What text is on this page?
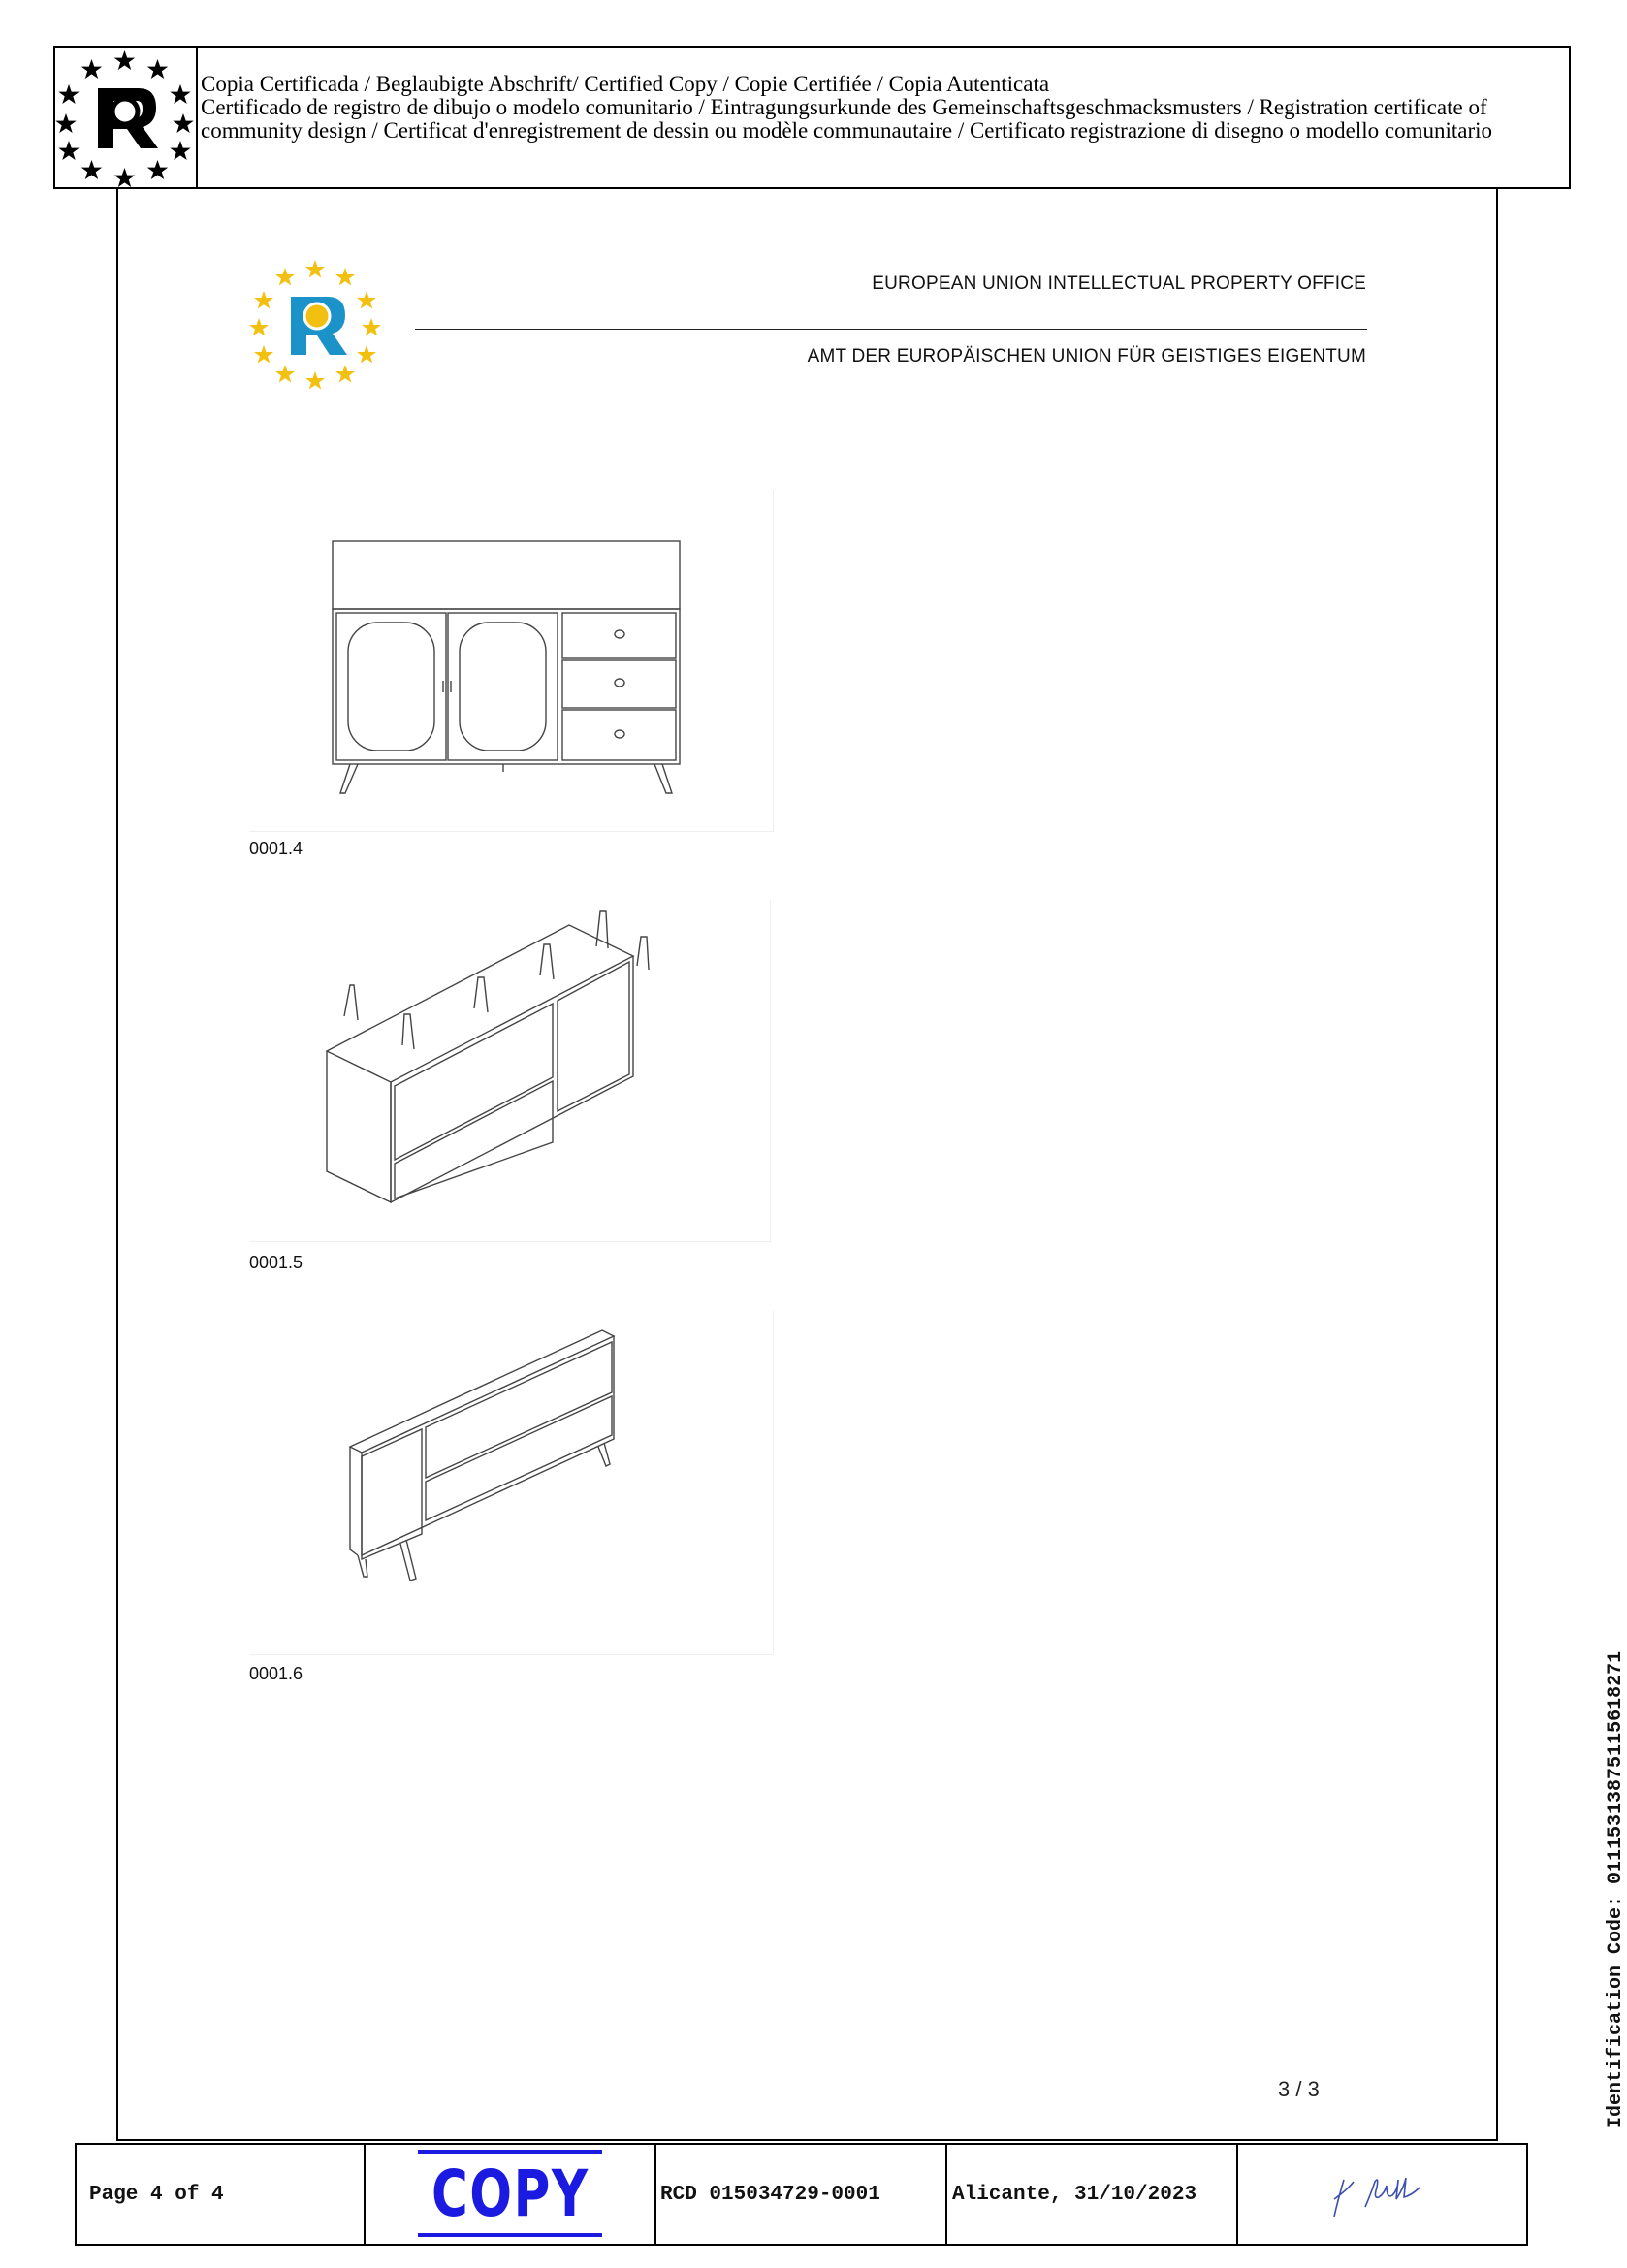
Copia Certificada / Beglaubigte Abschrift/ Certified Copy / Copie Certifiée / Copia Autenticata
Certificado de registro de dibujo o modelo comunitario / Eintragungsurkunde des Gemeinschaftsgeschmacksmusters / Registration certificate of community design / Certificat d'enregistrement de dessin ou modèle communautaire / Certificato registrazione di disegno o modello comunitario
EUROPEAN UNION INTELLECTUAL PROPERTY OFFICE
AMT DER EUROPÄISCHEN UNION FÜR GEISTIGES EIGENTUM
0001.4
0001.5
0001.6
3 / 3
Page 4 of 4	COPY	RCD 015034729-0001	Alicante, 31/10/2023
Identification Code: 01115313875115618271
